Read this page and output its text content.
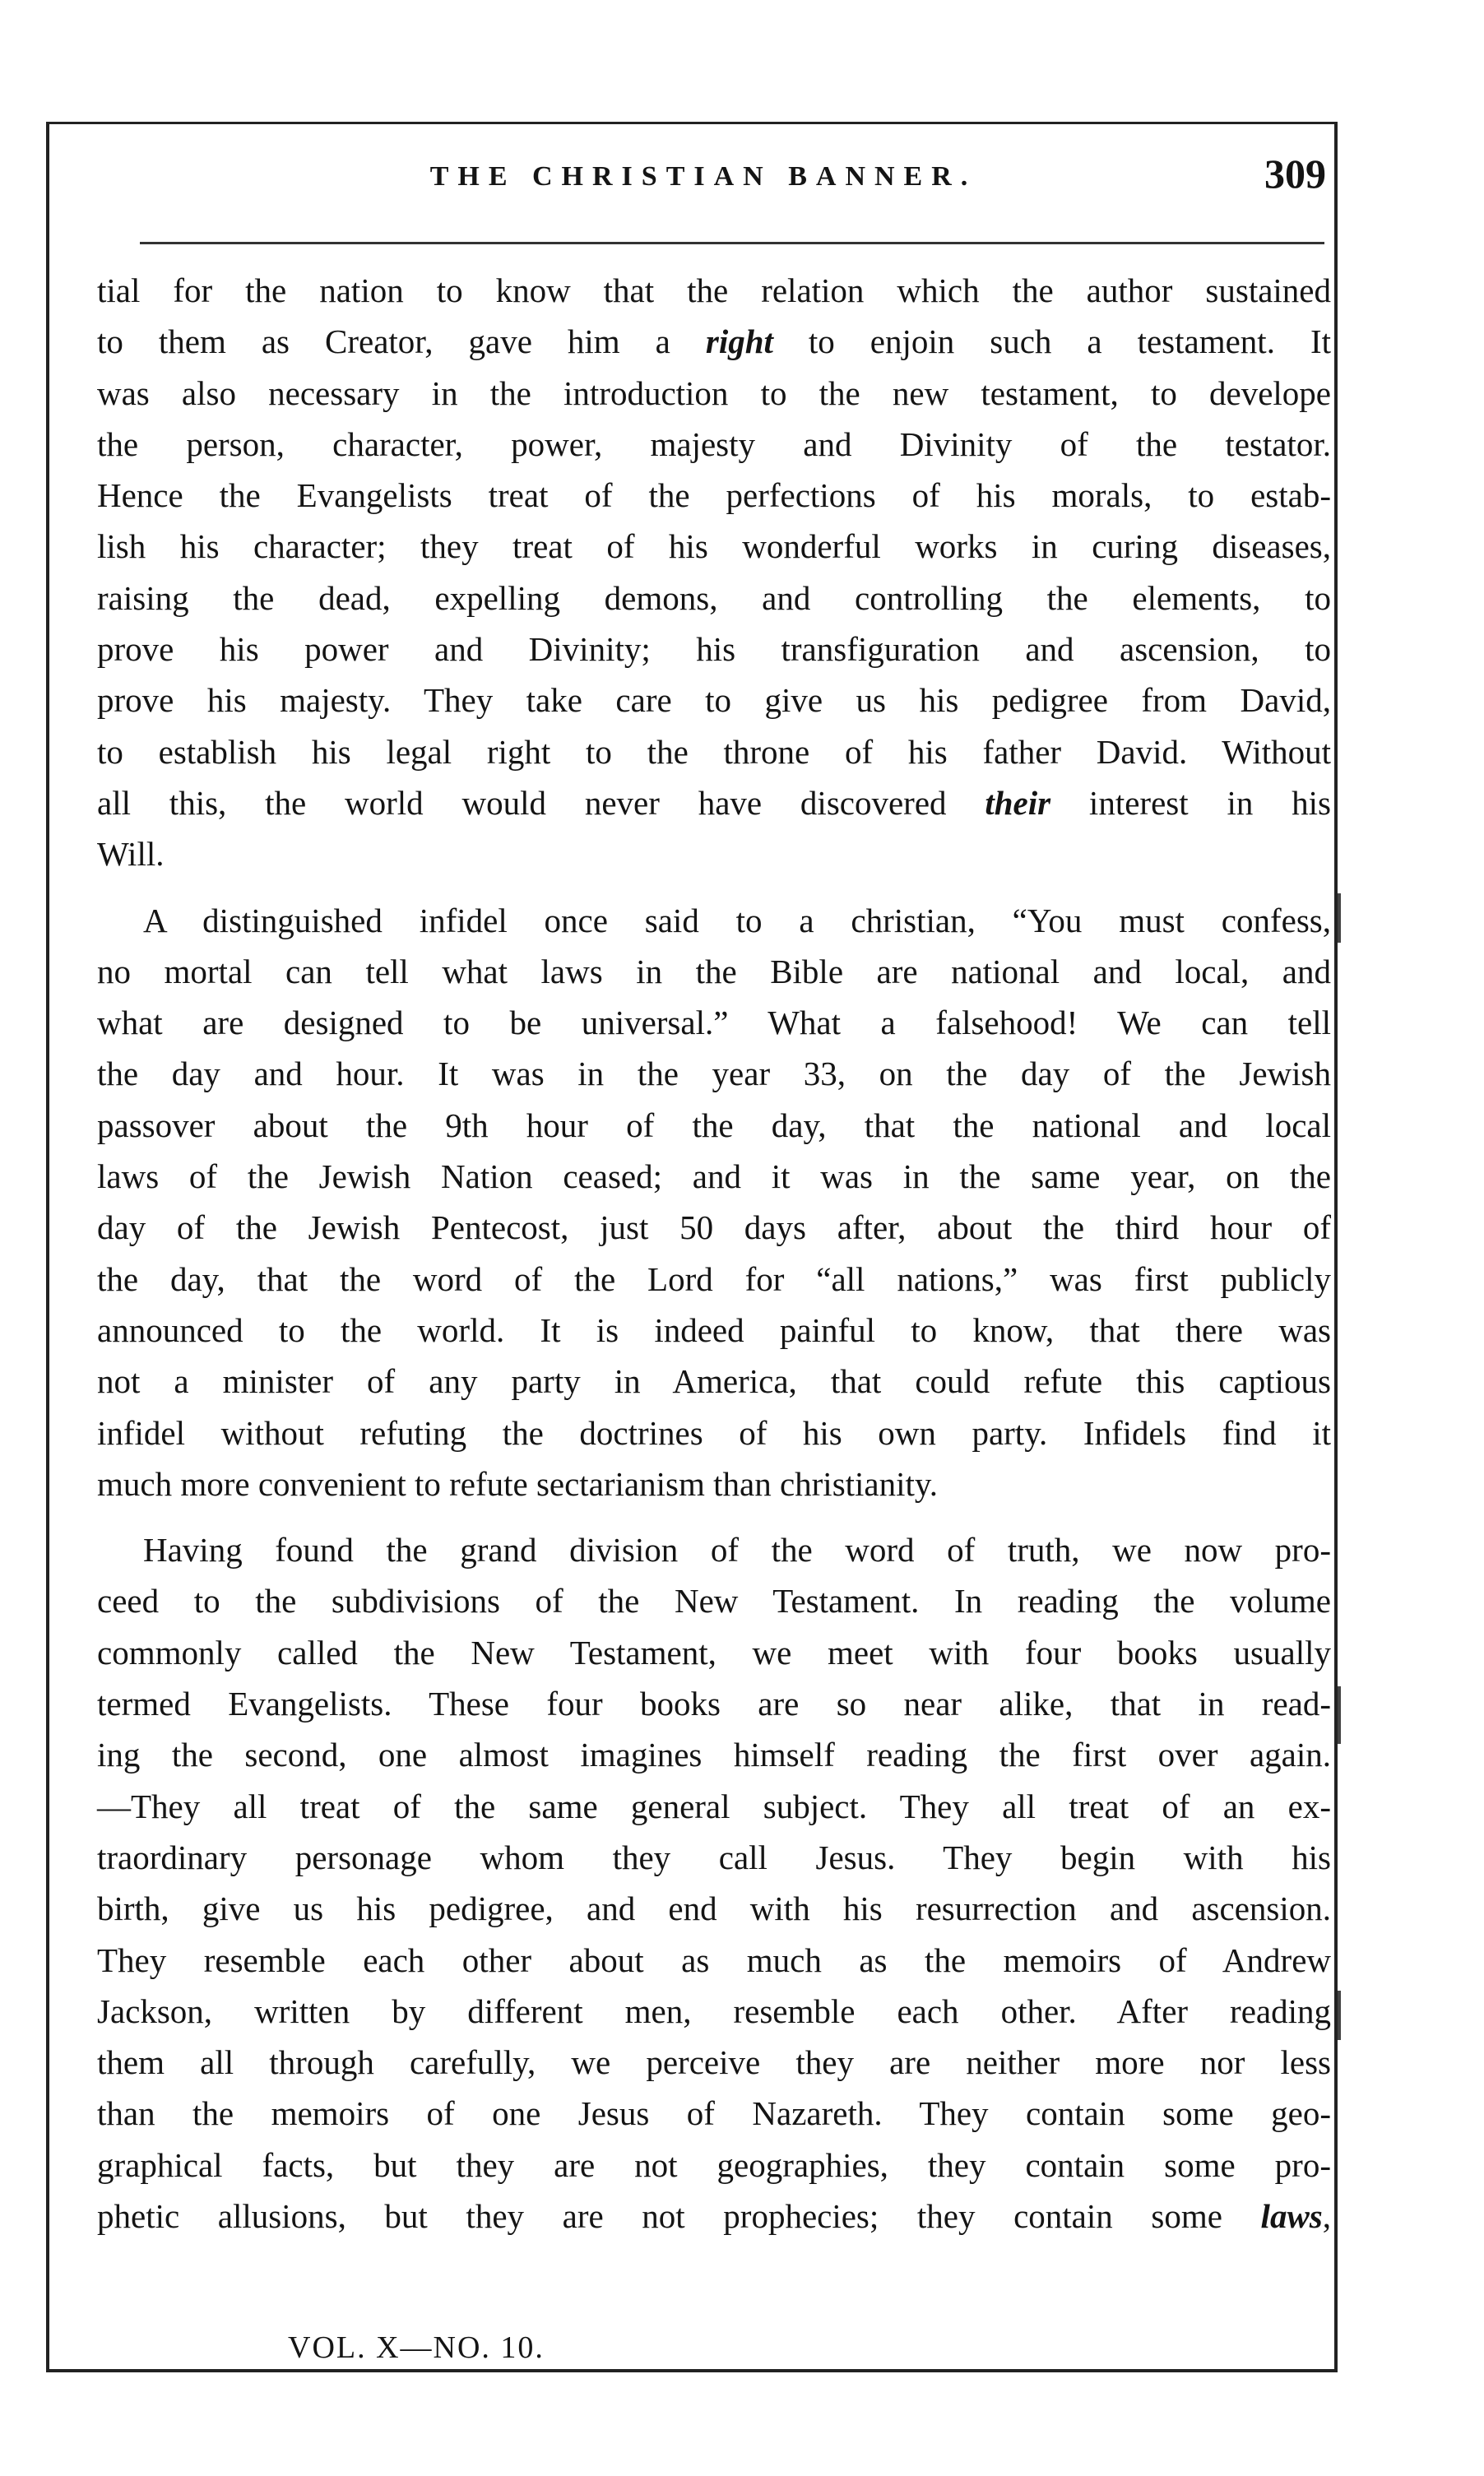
THE CHRISTIAN BANNER.	309
tial for the nation to know that the relation which the author sustained
to them as Creator, gave him a right to enjoin such a testament. It
was also necessary in the introduction to the new testament, to develope
the person, character, power, majesty and Divinity of the testator.
Hence the Evangelists treat of the perfections of his morals, to estab-
lish his character; they treat of his wonderful works in curing diseases,
raising the dead, expelling demons, and controlling the elements, to
prove his power and Divinity; his transfiguration and ascension, to
prove his majesty. They take care to give us his pedigree from David,
to establish his legal right to the throne of his father David. Without
all this, the world would never have discovered their interest in his
Will.
A distinguished infidel once said to a christian, “You must confess,
no mortal can tell what laws in the Bible are national and local, and
what are designed to be universal.” What a falsehood! We can tell
the day and hour. It was in the year 33, on the day of the Jewish
passover about the 9th hour of the day, that the national and local
laws of the Jewish Nation ceased; and it was in the same year, on the
day of the Jewish Pentecost, just 50 days after, about the third hour of
the day, that the word of the Lord for “all nations,” was first publicly
announced to the world. It is indeed painful to know, that there was
not a minister of any party in America, that could refute this captious
infidel without refuting the doctrines of his own party. Infidels find it
much more convenient to refute sectarianism than christianity.
Having found the grand division of the word of truth, we now pro-
ceed to the subdivisions of the New Testament. In reading the volume
commonly called the New Testament, we meet with four books usually
termed Evangelists. These four books are so near alike, that in read-
ing the second, one almost imagines himself reading the first over again.
—They all treat of the same general subject. They all treat of an ex-
traordinary personage whom they call Jesus. They begin with his
birth, give us his pedigree, and end with his resurrection and ascension.
They resemble each other about as much as the memoirs of Andrew
Jackson, written by different men, resemble each other. After reading
them all through carefully, we perceive they are neither more nor less
than the memoirs of one Jesus of Nazareth. They contain some geo-
graphical facts, but they are not geographies, they contain some pro-
phetic allusions, but they are not prophecies; they contain some laws,
VOL. X—NO. 10.
